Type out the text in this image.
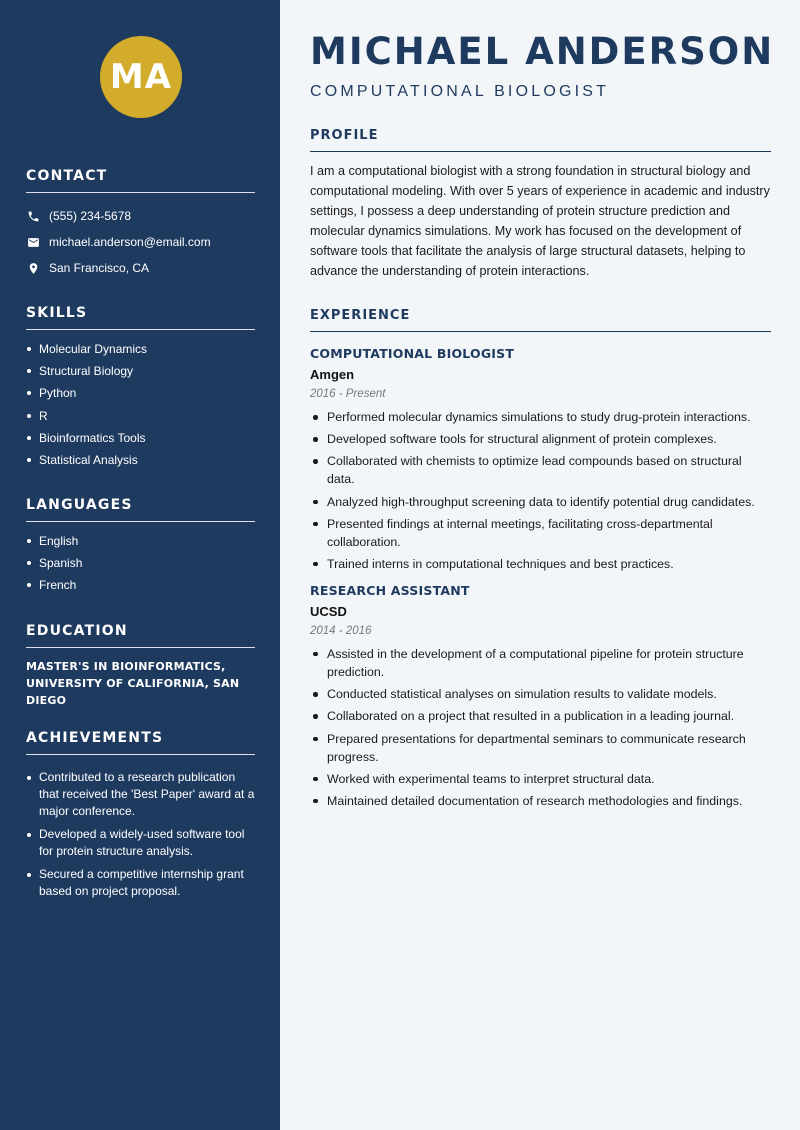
MA
CONTACT
(555) 234-5678
michael.anderson@email.com
San Francisco, CA
SKILLS
Molecular Dynamics
Structural Biology
Python
R
Bioinformatics Tools
Statistical Analysis
LANGUAGES
English
Spanish
French
EDUCATION
MASTER'S IN BIOINFORMATICS,
UNIVERSITY OF CALIFORNIA, SAN DIEGO
ACHIEVEMENTS
Contributed to a research publication that received the 'Best Paper' award at a major conference.
Developed a widely-used software tool for protein structure analysis.
Secured a competitive internship grant based on project proposal.
MICHAEL ANDERSON
COMPUTATIONAL BIOLOGIST
PROFILE
I am a computational biologist with a strong foundation in structural biology and computational modeling. With over 5 years of experience in academic and industry settings, I possess a deep understanding of protein structure prediction and molecular dynamics simulations. My work has focused on the development of software tools that facilitate the analysis of large structural datasets, helping to advance the understanding of protein interactions.
EXPERIENCE
COMPUTATIONAL BIOLOGIST
Amgen
2016 - Present
Performed molecular dynamics simulations to study drug-protein interactions.
Developed software tools for structural alignment of protein complexes.
Collaborated with chemists to optimize lead compounds based on structural data.
Analyzed high-throughput screening data to identify potential drug candidates.
Presented findings at internal meetings, facilitating cross-departmental collaboration.
Trained interns in computational techniques and best practices.
RESEARCH ASSISTANT
UCSD
2014 - 2016
Assisted in the development of a computational pipeline for protein structure prediction.
Conducted statistical analyses on simulation results to validate models.
Collaborated on a project that resulted in a publication in a leading journal.
Prepared presentations for departmental seminars to communicate research progress.
Worked with experimental teams to interpret structural data.
Maintained detailed documentation of research methodologies and findings.
